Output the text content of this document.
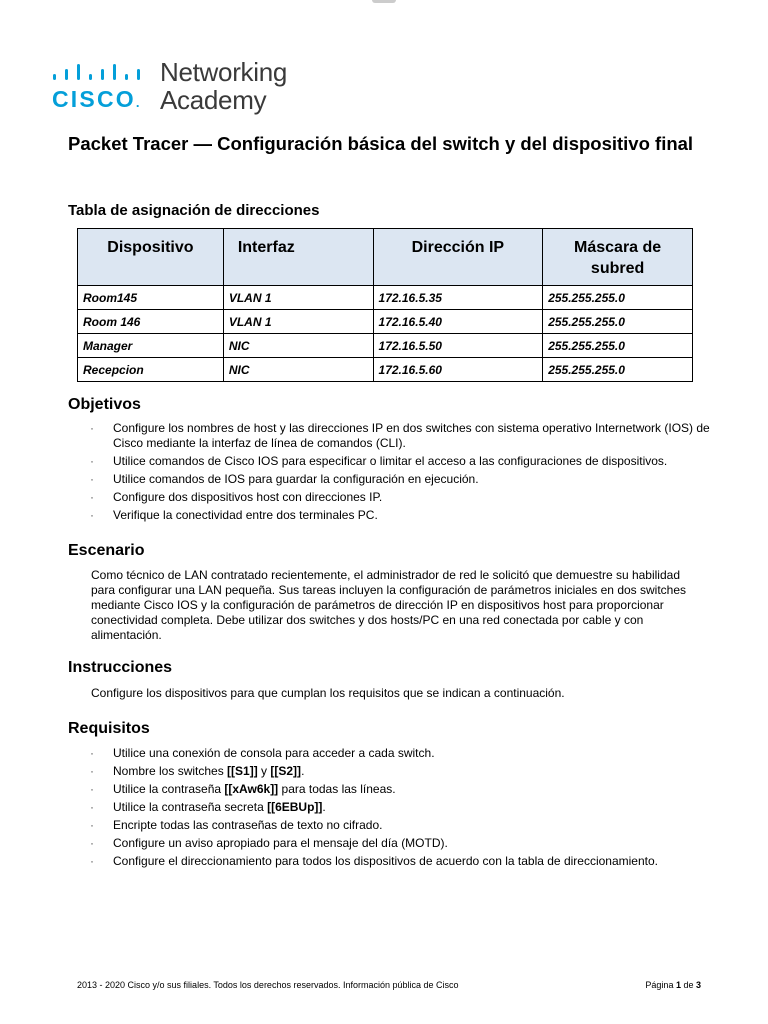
CISCO.
Networking
Academy
Packet Tracer — Configuración básica del switch y del dispositivo final
Tabla de asignación de direcciones
Dispositivo	Interfaz	Dirección IP	Máscara de subred
Room145	VLAN 1	172.16.5.35	255.255.255.0
Room 146	VLAN 1	172.16.5.40	255.255.255.0
Manager	NIC	172.16.5.50	255.255.255.0
Recepcion	NIC	172.16.5.60	255.255.255.0
Objetivos
· Configure los nombres de host y las direcciones IP en dos switches con sistema operativo Internetwork (IOS) de Cisco mediante la interfaz de línea de comandos (CLI).
· Utilice comandos de Cisco IOS para especificar o limitar el acceso a las configuraciones de dispositivos.
· Utilice comandos de IOS para guardar la configuración en ejecución.
· Configure dos dispositivos host con direcciones IP.
· Verifique la conectividad entre dos terminales PC.
Escenario

Como técnico de LAN contratado recientemente, el administrador de red le solicitó que demuestre su habilidad para configurar una LAN pequeña. Sus tareas incluyen la configuración de parámetros iniciales en dos switches mediante Cisco IOS y la configuración de parámetros de dirección IP en dispositivos host para proporcionar conectividad completa. Debe utilizar dos switches y dos hosts/PC en una red conectada por cable y con alimentación.

Instrucciones

Configure los dispositivos para que cumplan los requisitos que se indican a continuación.

Requisitos
· Utilice una conexión de consola para acceder a cada switch.
· Nombre los switches [[S1]] y [[S2]].
· Utilice la contraseña [[xAw6k]] para todas las líneas.
· Utilice la contraseña secreta [[6EBUp]].
· Encripte todas las contraseñas de texto no cifrado.
· Configure un aviso apropiado para el mensaje del día (MOTD).
· Configure el direccionamiento para todos los dispositivos de acuerdo con la tabla de direccionamiento.
2013 - 2020 Cisco y/o sus filiales. Todos los derechos reservados. Información pública de Cisco	Página 1 de 3
